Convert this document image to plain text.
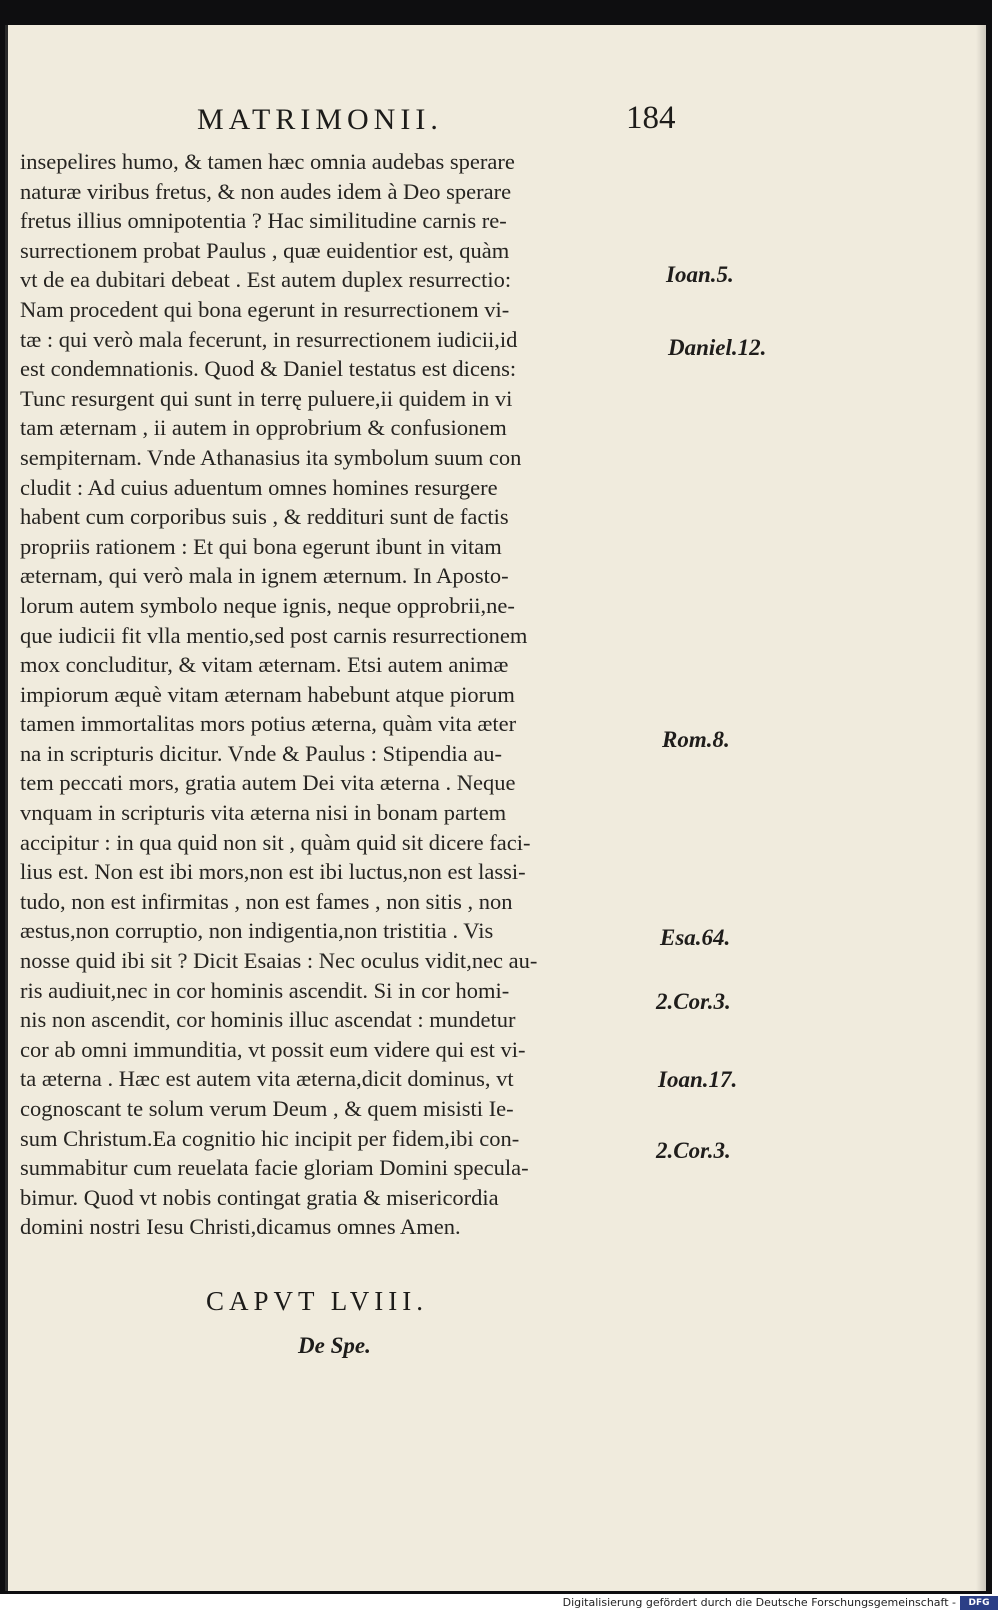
MATRIMONII.	184
insepelires humo, & tamen hæc omnia audebas sperare
naturæ viribus fretus, & non audes idem à Deo sperare
fretus illius omnipotentia ? Hac similitudine carnis re-
surrectionem probat Paulus , quæ euidentior est, quàm
vt de ea dubitari debeat . Est autem duplex resurrectio:
Nam procedent qui bona egerunt in resurrectionem vi-
tæ : qui verò mala fecerunt, in resurrectionem iudicii,id
est condemnationis. Quod & Daniel testatus est dicens:
Tunc resurgent qui sunt in terrę puluere,ii quidem in vi
tam æternam , ii autem in opprobrium & confusionem
sempiternam. Vnde Athanasius ita symbolum suum con
cludit : Ad cuius aduentum omnes homines resurgere
habent cum corporibus suis , & reddituri sunt de factis
propriis rationem : Et qui bona egerunt ibunt in vitam
æternam, qui verò mala in ignem æternum. In Aposto-
lorum autem symbolo neque ignis, neque opprobrii,ne-
que iudicii fit vlla mentio,sed post carnis resurrectionem
mox concluditur, & vitam æternam. Etsi autem animæ
impiorum æquè vitam æternam habebunt atque piorum
tamen immortalitas mors potius æterna, quàm vita æter
na in scripturis dicitur. Vnde & Paulus : Stipendia au-
tem peccati mors, gratia autem Dei vita æterna . Neque
vnquam in scripturis vita æterna nisi in bonam partem
accipitur : in qua quid non sit , quàm quid sit dicere faci-
lius est. Non est ibi mors,non est ibi luctus,non est lassi-
tudo, non est infirmitas , non est fames , non sitis , non
æstus,non corruptio, non indigentia,non tristitia . Vis
nosse quid ibi sit ? Dicit Esaias : Nec oculus vidit,nec au-
ris audiuit,nec in cor hominis ascendit. Si in cor homi-
nis non ascendit, cor hominis illuc ascendat : mundetur
cor ab omni immunditia, vt possit eum videre qui est vi-
ta æterna . Hæc est autem vita æterna,dicit dominus, vt
cognoscant te solum verum Deum , & quem misisti Ie-
sum Christum.Ea cognitio hic incipit per fidem,ibi con-
summabitur cum reuelata facie gloriam Domini specula-
bimur. Quod vt nobis contingat gratia & misericordia
domini nostri Iesu Christi,dicamus omnes Amen.
Ioan.5.
Daniel.12.
Rom.8.
Esa.64.
2.Cor.3.
Ioan.17.
2.Cor.3.
CAPVT LVIII.
De Spe.
Digitalisierung gefördert durch die Deutsche Forschungsgemeinschaft -	DFG
